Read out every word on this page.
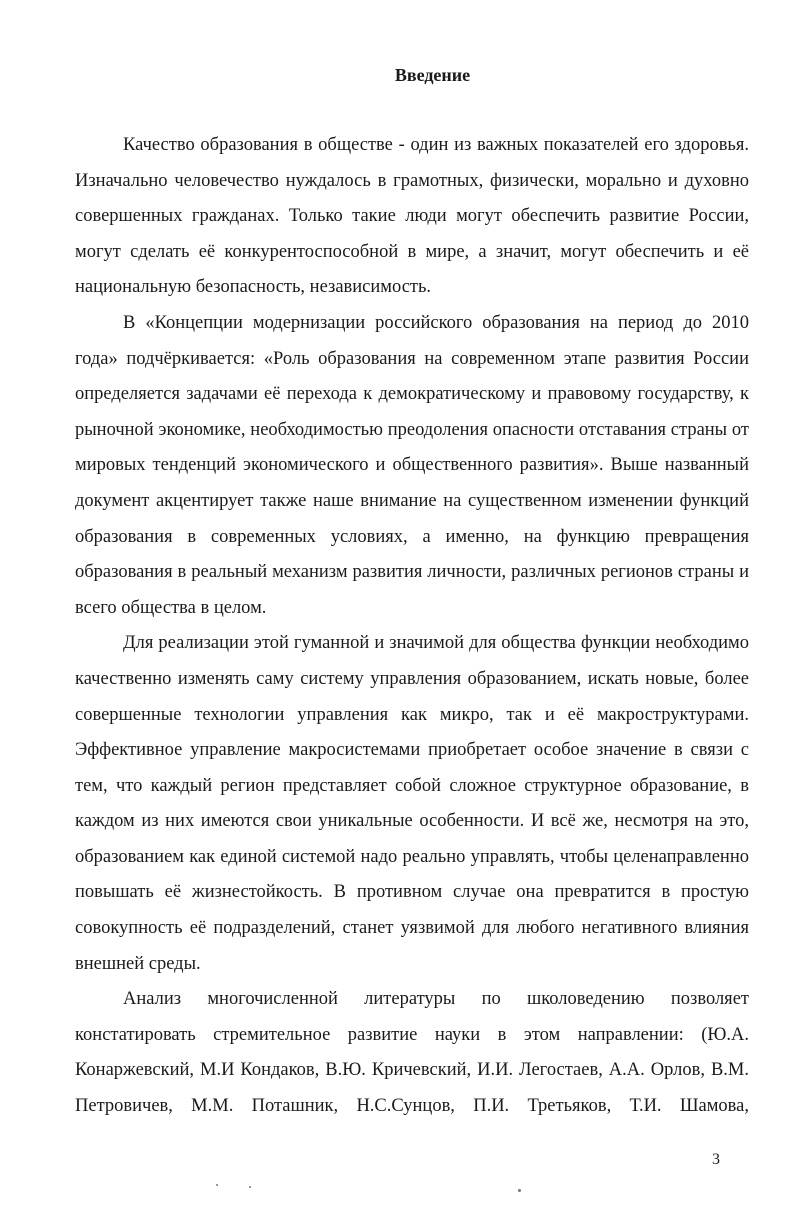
Введение

Качество образования в обществе - один из важных показателей его здоровья. Изначально человечество нуждалось в грамотных, физически, морально и духовно совершенных гражданах. Только такие люди могут обеспечить развитие России, могут сделать её конкурентоспособной в мире, а значит, могут обеспечить и её национальную безопасность, независимость.

В «Концепции модернизации российского образования на период до 2010 года» подчёркивается: «Роль образования на современном этапе развития России определяется задачами её перехода к демократическому и правовому государству, к рыночной экономике, необходимостью преодоления опасности отставания страны от мировых тенденций экономического и общественного развития». Выше названный документ акцентирует также наше внимание на существенном изменении функций образования в современных условиях, а именно, на функцию превращения образования в реальный механизм развития личности, различных регионов страны и всего общества в целом.

Для реализации этой гуманной и значимой для общества функции необходимо качественно изменять саму систему управления образованием, искать новые, более совершенные технологии управления как микро, так и её макроструктурами. Эффективное управление макросистемами приобретает особое значение в связи с тем, что каждый регион представляет собой сложное структурное образование, в каждом из них имеются свои уникальные особенности. И всё же, несмотря на это, образованием как единой системой надо реально управлять, чтобы целенаправленно повышать её жизнестойкость. В противном случае она превратится в простую совокупность её подразделений, станет уязвимой для любого негативного влияния внешней среды.

Анализ многочисленной литературы по школоведению позволяет констатировать стремительное развитие науки в этом направлении: (Ю.А. Конаржевский, М.И Кондаков, В.Ю. Кричевский, И.И. Легостаев, А.А. Орлов, В.М. Петровичев, М.М. Поташник, Н.С.Сунцов, П.И. Третьяков, Т.И. Шамова,

3
